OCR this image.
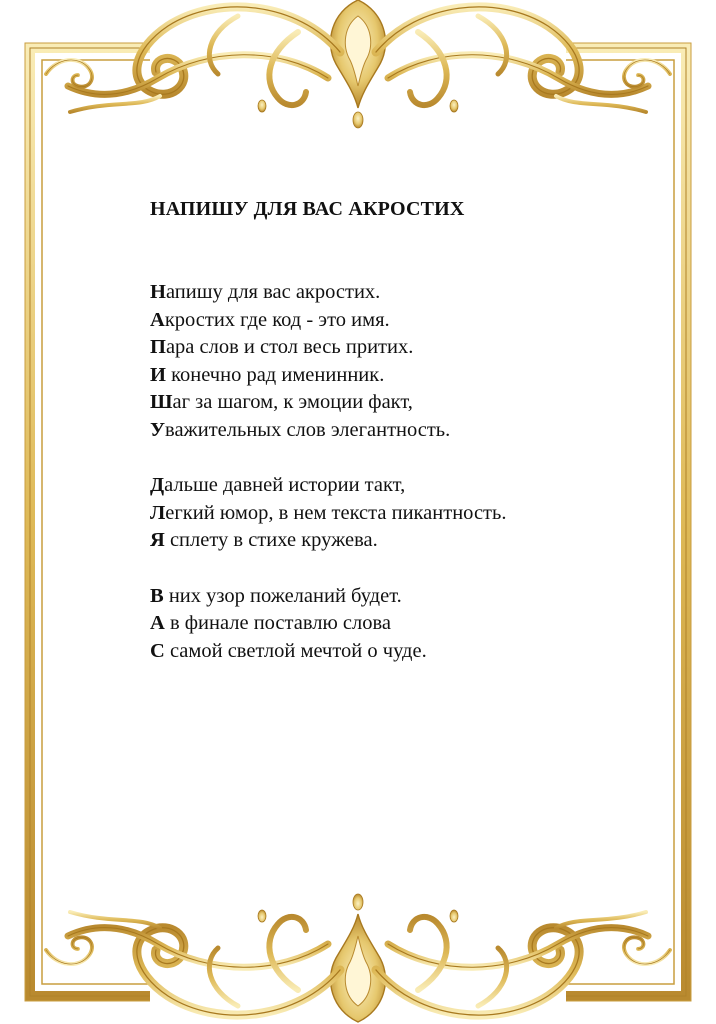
НАПИШУ ДЛЯ ВАС АКРОСТИХ
Напишу для вас акростих.
Акростих где код - это имя.
Пара слов и стол весь притих.
И конечно рад именинник.
Шаг за шагом, к эмоции факт,
Уважительных слов элегантность.
Дальше давней истории такт,
Легкий юмор, в нем текста пикантность.
Я сплету в стихе кружева.
В них узор пожеланий будет.
А в финале поставлю слова
С самой светлой мечтой о чуде.
